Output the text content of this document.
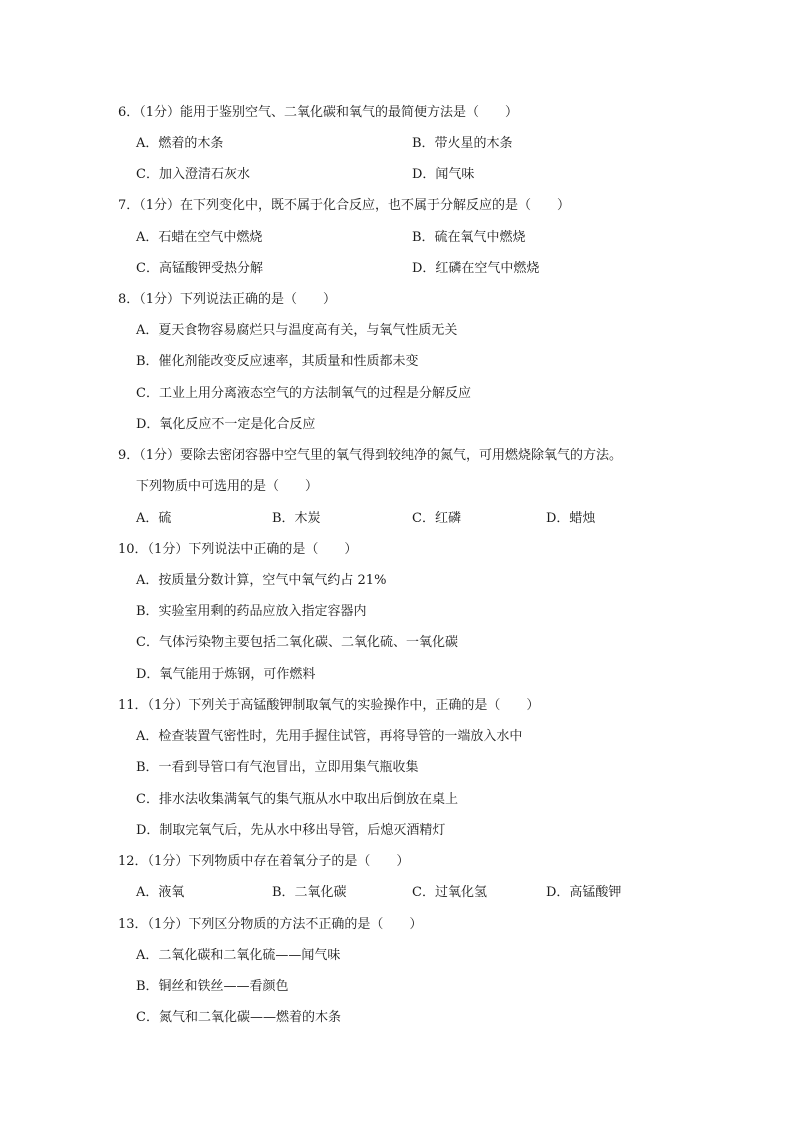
6．（1分）能用于鉴别空气、二氧化碳和氧气的最简便方法是（　　）
A．燃着的木条	B．带火星的木条
C．加入澄清石灰水	D．闻气味
7．（1分）在下列变化中，既不属于化合反应，也不属于分解反应的是（　　）
A．石蜡在空气中燃烧	B．硫在氧气中燃烧
C．高锰酸钾受热分解	D．红磷在空气中燃烧
8．（1分）下列说法正确的是（　　）
A．夏天食物容易腐烂只与温度高有关，与氧气性质无关
B．催化剂能改变反应速率，其质量和性质都未变
C．工业上用分离液态空气的方法制氧气的过程是分解反应
D．氧化反应不一定是化合反应
9．（1分）要除去密闭容器中空气里的氧气得到较纯净的氮气，可用燃烧除氧气的方法。
下列物质中可选用的是（　　）
A．硫	B．木炭	C．红磷	D．蜡烛
10．（1分）下列说法中正确的是（　　）
A．按质量分数计算，空气中氧气约占 21%
B．实验室用剩的药品应放入指定容器内
C．气体污染物主要包括二氧化碳、二氧化硫、一氧化碳
D．氧气能用于炼钢，可作燃料
11．（1分）下列关于高锰酸钾制取氧气的实验操作中，正确的是（　　）
A．检查装置气密性时，先用手握住试管，再将导管的一端放入水中
B．一看到导管口有气泡冒出，立即用集气瓶收集
C．排水法收集满氧气的集气瓶从水中取出后倒放在桌上
D．制取完氧气后，先从水中移出导管，后熄灭酒精灯
12．（1分）下列物质中存在着氧分子的是（　　）
A．液氧	B．二氧化碳	C．过氧化氢	D．高锰酸钾
13．（1分）下列区分物质的方法不正确的是（　　）
A．二氧化碳和二氧化硫——闻气味
B．铜丝和铁丝——看颜色
C．氮气和二氧化碳——燃着的木条
